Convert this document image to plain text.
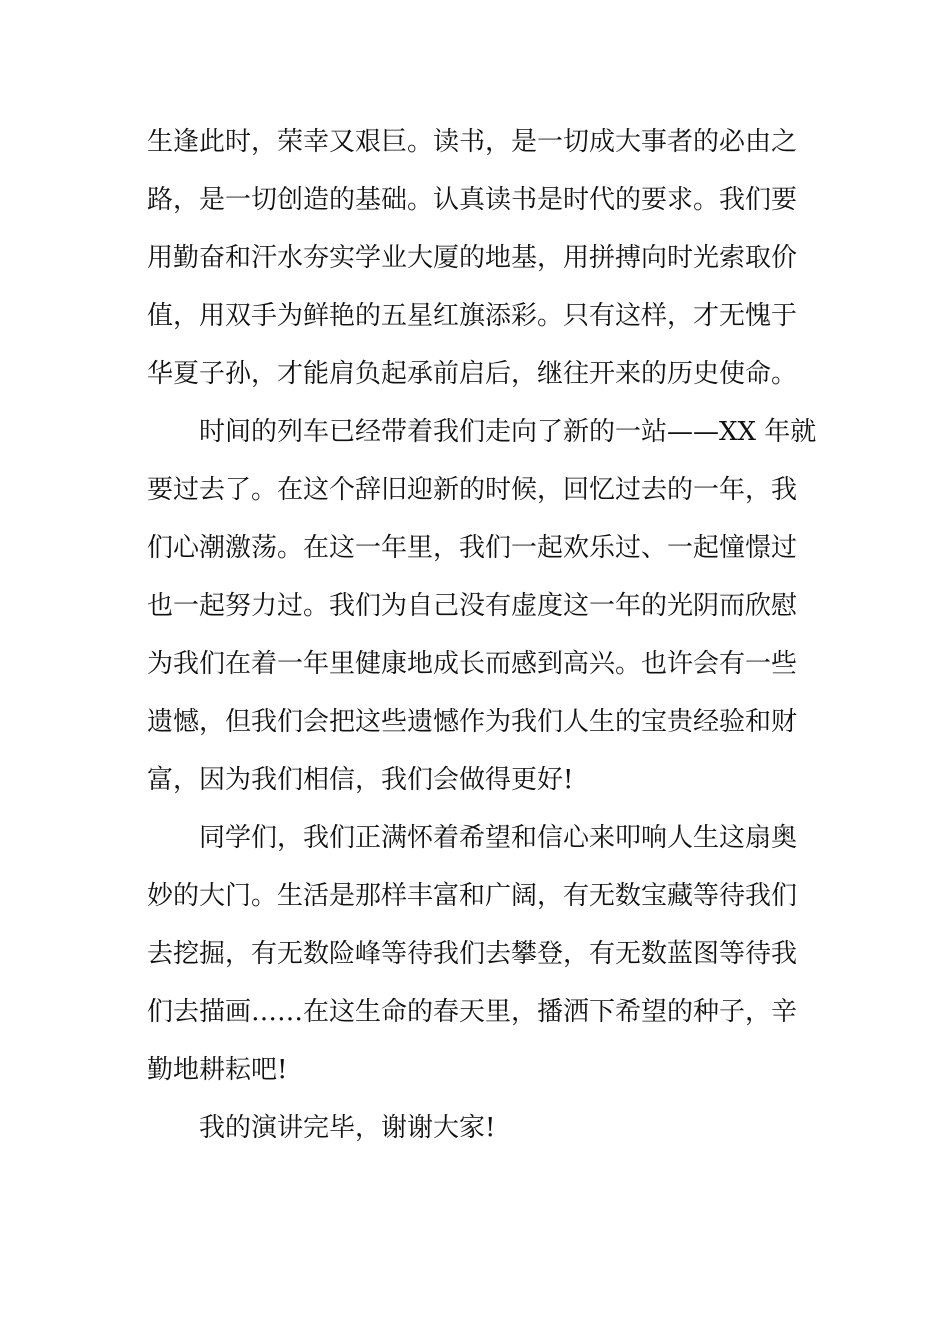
生逢此时，荣幸又艰巨。读书，是一切成大事者的必由之
路，是一切创造的基础。认真读书是时代的要求。我们要
用勤奋和汗水夯实学业大厦的地基，用拼搏向时光索取价
值，用双手为鲜艳的五星红旗添彩。只有这样，才无愧于
华夏子孙，才能肩负起承前启后，继往开来的历史使命。

时间的列车已经带着我们走向了新的一站——XX 年就
要过去了。在这个辞旧迎新的时候，回忆过去的一年，我
们心潮激荡。在这一年里，我们一起欢乐过、一起憧憬过
也一起努力过。我们为自己没有虚度这一年的光阴而欣慰
为我们在着一年里健康地成长而感到高兴。也许会有一些
遗憾，但我们会把这些遗憾作为我们人生的宝贵经验和财
富，因为我们相信，我们会做得更好!

同学们，我们正满怀着希望和信心来叩响人生这扇奥
妙的大门。生活是那样丰富和广阔，有无数宝藏等待我们
去挖掘，有无数险峰等待我们去攀登，有无数蓝图等待我
们去描画……在这生命的春天里，播洒下希望的种子，辛
勤地耕耘吧!

我的演讲完毕，谢谢大家!
